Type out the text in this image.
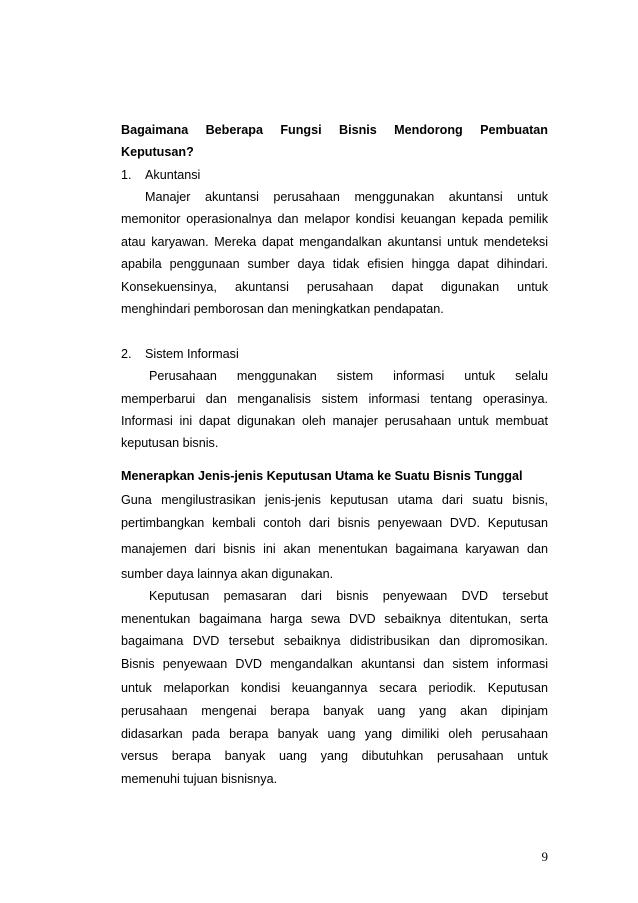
Bagaimana Beberapa Fungsi Bisnis Mendorong Pembuatan
Keputusan?
1. Akuntansi
Manajer akuntansi perusahaan menggunakan akuntansi untuk
memonitor operasionalnya dan melapor kondisi keuangan kepada pemilik
atau karyawan. Mereka dapat mengandalkan akuntansi untuk mendeteksi
apabila penggunaan sumber daya tidak efisien hingga dapat dihindari.
Konsekuensinya, akuntansi perusahaan dapat digunakan untuk
menghindari pemborosan dan meningkatkan pendapatan.
2. Sistem Informasi
Perusahaan menggunakan sistem informasi untuk selalu
memperbarui dan menganalisis sistem informasi tentang operasinya.
Informasi ini dapat digunakan oleh manajer perusahaan untuk membuat
keputusan bisnis.
Menerapkan Jenis-jenis Keputusan Utama ke Suatu Bisnis Tunggal
Guna mengilustrasikan jenis-jenis keputusan utama dari suatu bisnis,
pertimbangkan kembali contoh dari bisnis penyewaan DVD. Keputusan
manajemen dari bisnis ini akan menentukan bagaimana karyawan dan
sumber daya lainnya akan digunakan.
Keputusan pemasaran dari bisnis penyewaan DVD tersebut
menentukan bagaimana harga sewa DVD sebaiknya ditentukan, serta
bagaimana DVD tersebut sebaiknya didistribusikan dan dipromosikan.
Bisnis penyewaan DVD mengandalkan akuntansi dan sistem informasi
untuk melaporkan kondisi keuangannya secara periodik. Keputusan
perusahaan mengenai berapa banyak uang yang akan dipinjam
didasarkan pada berapa banyak uang yang dimiliki oleh perusahaan
versus berapa banyak uang yang dibutuhkan perusahaan untuk
memenuhi tujuan bisnisnya.
9
